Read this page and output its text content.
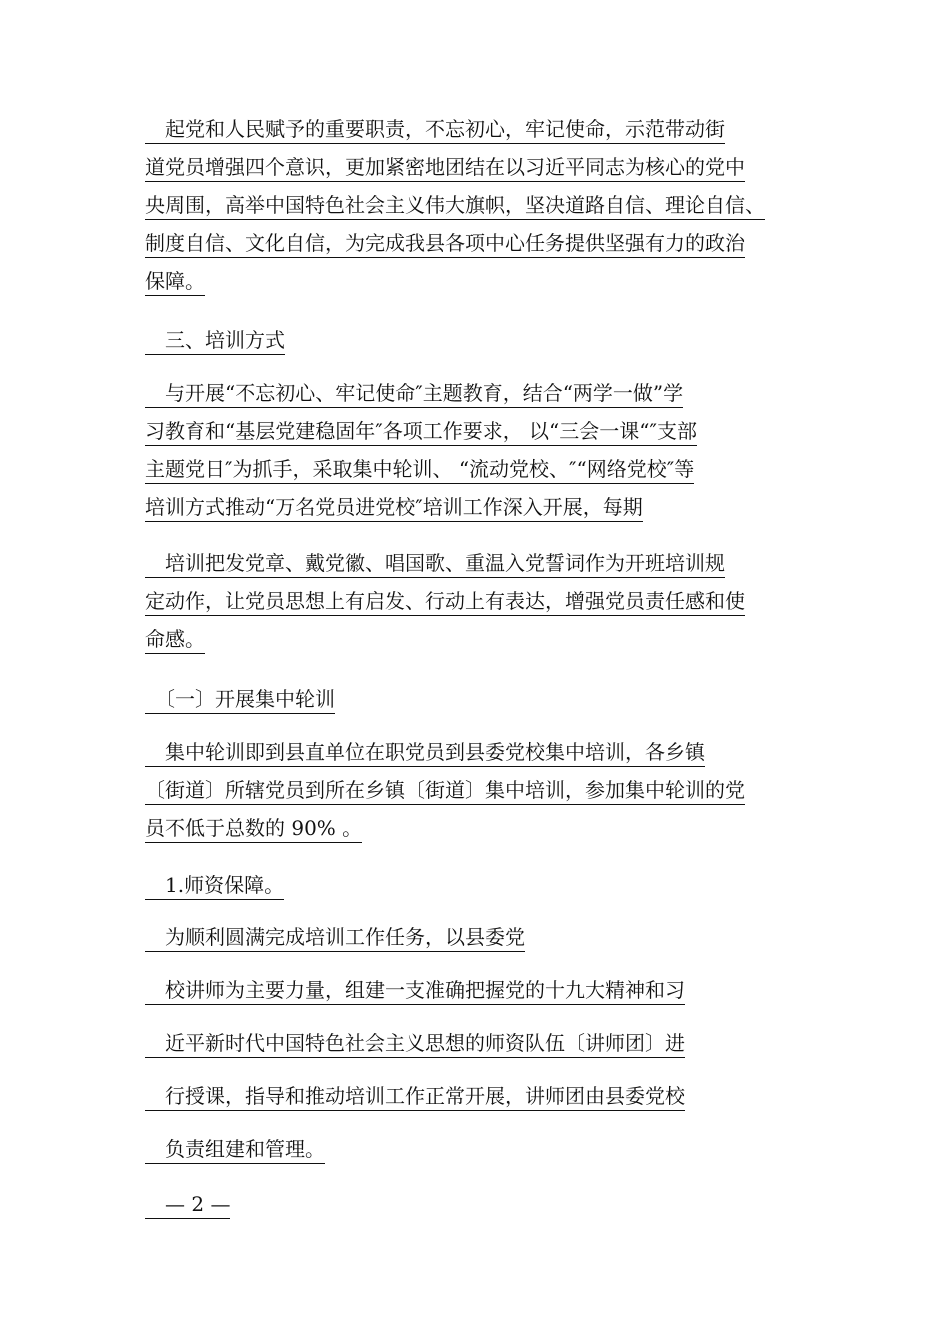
　起党和人民赋予的重要职责，不忘初心，牢记使命，示范带动街
道党员增强四个意识，更加紧密地团结在以习近平同志为核心的党中
央周围，高举中国特色社会主义伟大旗帜，坚决道路自信、理论自信、
制度自信、文化自信，为完成我县各项中心任务提供坚强有力的政治
保障。
　三、培训方式
　与开展“不忘初心、牢记使命″主题教育，结合“两学一做”学
习教育和“基层党建稳固年″各项工作要求， 以“三会一课“″支部
主题党日″为抓手，采取集中轮训、 “流动党校、″“网络党校″等
培训方式推动“万名党员进党校″培训工作深入开展，每期
　培训把发党章、戴党徽、唱国歌、重温入党誓词作为开班培训规
定动作，让党员思想上有启发、行动上有表达，增强党员责任感和使
命感。
　〔一〕开展集中轮训
　集中轮训即到县直单位在职党员到县委党校集中培训，各乡镇
〔街道〕所辖党员到所在乡镇〔街道〕集中培训，参加集中轮训的党
员不低于总数的 90% 。
　1.师资保障。
　为顺利圆满完成培训工作任务，以县委党
　校讲师为主要力量，组建一支准确把握党的十九大精神和习
　近平新时代中国特色社会主义思想的师资队伍〔讲师团〕进
　行授课，指导和推动培训工作正常开展，讲师团由县委党校
　负责组建和管理。
　— 2 —
